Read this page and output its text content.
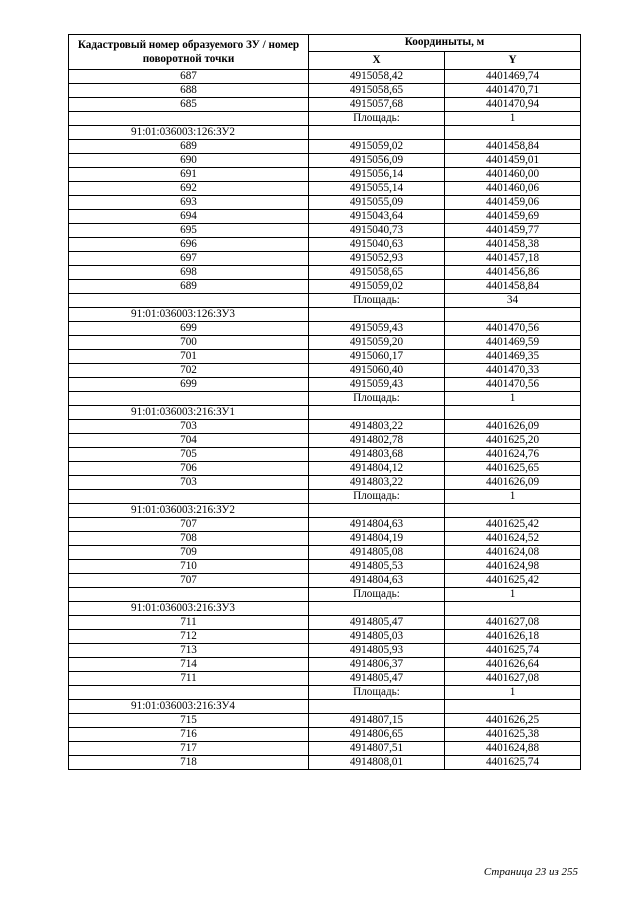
Кадастровый номер образуемого ЗУ / номер поворотной точки	Координыты, м	
	X	Y
687	4915058,42	4401469,74
688	4915058,65	4401470,71
685	4915057,68	4401470,94
	Площадь:	1
91:01:036003:126:ЗУ2		
689	4915059,02	4401458,84
690	4915056,09	4401459,01
691	4915056,14	4401460,00
692	4915055,14	4401460,06
693	4915055,09	4401459,06
694	4915043,64	4401459,69
695	4915040,73	4401459,77
696	4915040,63	4401458,38
697	4915052,93	4401457,18
698	4915058,65	4401456,86
689	4915059,02	4401458,84
	Площадь:	34
91:01:036003:126:ЗУ3		
699	4915059,43	4401470,56
700	4915059,20	4401469,59
701	4915060,17	4401469,35
702	4915060,40	4401470,33
699	4915059,43	4401470,56
	Площадь:	1
91:01:036003:216:ЗУ1		
703	4914803,22	4401626,09
704	4914802,78	4401625,20
705	4914803,68	4401624,76
706	4914804,12	4401625,65
703	4914803,22	4401626,09
	Площадь:	1
91:01:036003:216:ЗУ2		
707	4914804,63	4401625,42
708	4914804,19	4401624,52
709	4914805,08	4401624,08
710	4914805,53	4401624,98
707	4914804,63	4401625,42
	Площадь:	1
91:01:036003:216:ЗУ3		
711	4914805,47	4401627,08
712	4914805,03	4401626,18
713	4914805,93	4401625,74
714	4914806,37	4401626,64
711	4914805,47	4401627,08
	Площадь:	1
91:01:036003:216:ЗУ4		
715	4914807,15	4401626,25
716	4914806,65	4401625,38
717	4914807,51	4401624,88
718	4914808,01	4401625,74
Страница 23 из 255
